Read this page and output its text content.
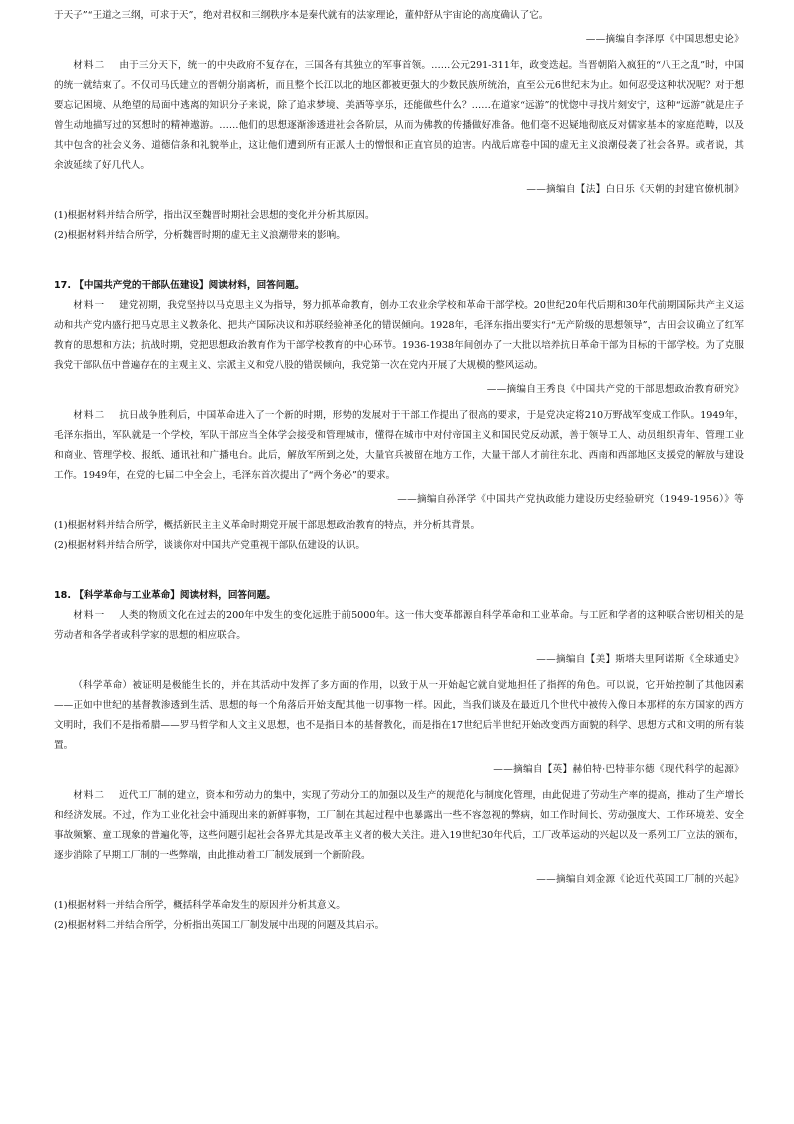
于天子”“王道之三纲，可求于天”，绝对君权和三纲秩序本是秦代就有的法家理论，董仲舒从宇宙论的高度确认了它。

——摘编自李泽厚《中国思想史论》

材料二 由于三分天下，统一的中央政府不复存在，三国各有其独立的军事首领。……公元291-311年，政变迭起。当晋朝陷入疯狂的“八王之乱”时，中国的统一就结束了。不仅司马氏建立的晋朝分崩离析，而且整个长江以北的地区都被更强大的少数民族所统治，直至公元6世纪末为止。如何忍受这种状况呢？对于想要忘记困境、从绝望的局面中逃离的知识分子来说，除了追求梦境、美酒等享乐，还能做些什么？……在道家“远游”的忧惚中寻找片刻安宁，这种“远游”就是庄子曾生动地描写过的冥想时的精神遨游。……他们的思想逐渐渗透进社会各阶层，从而为佛教的传播做好准备。他们毫不迟疑地彻底反对儒家基本的家庭范畴，以及其中包含的社会义务、道德信条和礼貌举止，这让他们遭到所有正派人士的憎恨和正直官员的迫害。内战后席卷中国的虚无主义浪潮侵袭了社会各界。或者说，其余波延续了好几代人。

——摘编自【法】白日乐《天朝的封建官僚机制》

(1)根据材料并结合所学，指出汉至魏晋时期社会思想的变化并分析其原因。

(2)根据材料并结合所学，分析魏晋时期的虚无主义浪潮带来的影响。

17. 【中国共产党的干部队伍建设】阅读材料，回答问题。

材料一 建党初期，我党坚持以马克思主义为指导，努力抓革命教育，创办工农业余学校和革命干部学校。20世纪20年代后期和30年代前期国际共产主义运动和共产党内盛行把马克思主义教条化、把共产国际决议和苏联经验神圣化的错误倾向。1928年，毛泽东指出要实行“无产阶级的思想领导”，古田会议确立了红军教育的思想和方法；抗战时期，党把思想政治教育作为干部学校教育的中心环节。1936-1938年间创办了一大批以培养抗日革命干部为目标的干部学校。为了克服我党干部队伍中普遍存在的主观主义、宗派主义和党八股的错误倾向，我党第一次在党内开展了大规模的整风运动。

——摘编自王秀良《中国共产党的干部思想政治教育研究》

材料二 抗日战争胜利后，中国革命进入了一个新的时期，形势的发展对于干部工作提出了很高的要求，于是党决定将210万野战军变成工作队。1949年，毛泽东指出，军队就是一个学校，军队干部应当全体学会接受和管理城市，懂得在城市中对付帝国主义和国民党反动派，善于领导工人、动员组织青年、管理工业和商业、管理学校、报纸、通讯社和广播电台。此后，解放军所到之处，大量官兵被留在地方工作，大量干部人才前往东北、西南和西部地区支援党的解放与建设工作。1949年，在党的七届二中全会上，毛泽东首次提出了“两个务必”的要求。

——摘编自孙泽学《中国共产党执政能力建设历史经验研究（1949-1956）》等

(1)根据材料并结合所学，概括新民主主义革命时期党开展干部思想政治教育的特点，并分析其背景。

(2)根据材料并结合所学，谈谈你对中国共产党重视干部队伍建设的认识。

18. 【科学革命与工业革命】阅读材料，回答问题。

材料一 人类的物质文化在过去的200年中发生的变化远胜于前5000年。这一伟大变革都源自科学革命和工业革命。与工匠和学者的这种联合密切相关的是劳动者和各学者或科学家的思想的相应联合。

——摘编自【美】斯塔夫里阿诺斯《全球通史》

（科学革命）被证明是极能生长的，并在其活动中发挥了多方面的作用，以致于从一开始起它就自觉地担任了指挥的角色。可以说，它开始控制了其他因素——正如中世纪的基督教渗透到生活、思想的每一个角落后开始支配其他一切事物一样。因此，当我们谈及在最近几个世代中被传入像日本那样的东方国家的西方文明时，我们不是指希腊——罗马哲学和人文主义思想，也不是指日本的基督教化，而是指在17世纪后半世纪开始改变西方面貌的科学、思想方式和文明的所有装置。

——摘编自【英】赫伯特·巴特菲尔德《现代科学的起源》

材料二 近代工厂制的建立，资本和劳动力的集中，实现了劳动分工的加强以及生产的规范化与制度化管理，由此促进了劳动生产率的提高，推动了生产增长和经济发展。不过，作为工业化社会中涌现出来的新鲜事物，工厂制在其起过程中也暴露出一些不容忽视的弊病，如工作时间长、劳动强度大、工作环境差、安全事故频繁、童工现象的普遍化等，这些问题引起社会各界尤其是改革主义者的极大关注。进入19世纪30年代后，工厂改革运动的兴起以及一系列工厂立法的颁布，逐步消除了早期工厂制的一些弊端，由此推动着工厂制发展到一个新阶段。

——摘编自刘金源《论近代英国工厂制的兴起》

(1)根据材料一并结合所学，概括科学革命发生的原因并分析其意义。

(2)根据材料二并结合所学，分析指出英国工厂制发展中出现的问题及其启示。
